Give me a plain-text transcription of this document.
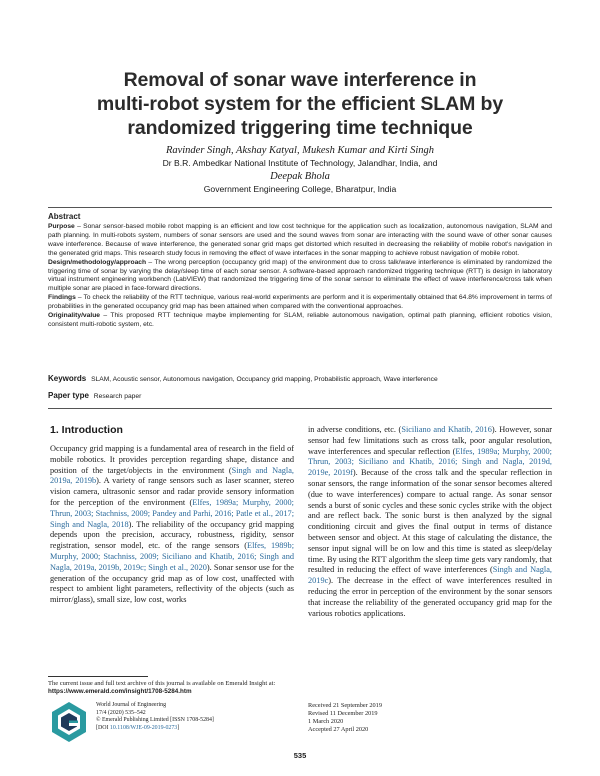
Removal of sonar wave interference in
multi-robot system for the efficient SLAM by
randomized triggering time technique
Ravinder Singh, Akshay Katyal, Mukesh Kumar and Kirti Singh
Dr B.R. Ambedkar National Institute of Technology, Jalandhar, India, and
Deepak Bhola
Government Engineering College, Bharatpur, India
Abstract

Purpose – Sonar sensor-based mobile robot mapping is an efficient and low cost technique for the application such as localization, autonomous navigation, SLAM and path planning. In multi-robots system, numbers of sonar sensors are used and the sound waves from sonar are interacting with the sound wave of other sonar causes wave interference. Because of wave interference, the generated sonar grid maps get distorted which resulted in decreasing the reliability of mobile robot's navigation in the generated grid maps. This research study focus in removing the effect of wave interfaces in the sonar mapping to achieve robust navigation of mobile robot.

Design/methodology/approach – The wrong perception (occupancy grid map) of the environment due to cross talk/wave interference is eliminated by randomized the triggering time of sonar by varying the delay/sleep time of each sonar sensor. A software-based approach randomized triggering technique (RTT) is design in laboratory virtual instrument engineering workbench (LabVIEW) that randomized the triggering time of the sonar sensor to eliminate the effect of wave interference/cross talk when multiple sonar are placed in face-forward directions.

Findings – To check the reliability of the RTT technique, various real-world experiments are perform and it is experimentally obtained that 64.8% improvement in terms of probabilities in the generated occupancy grid map has been attained when compared with the conventional approaches.

Originality/value – This proposed RTT technique maybe implementing for SLAM, reliable autonomous navigation, optimal path planning, efficient robotics vision, consistent multi-robotic system, etc.

Keywords SLAM, Acoustic sensor, Autonomous navigation, Occupancy grid mapping, Probabilistic approach, Wave interference
Paper type Research paper
1. Introduction

Occupancy grid mapping is a fundamental area of research in the field of mobile robotics. It provides perception regarding shape, distance and position of the target/objects in the environment (Singh and Nagla, 2019a, 2019b). A variety of range sensors such as laser scanner, stereo vision camera, ultrasonic sensor and radar provide sensory information for the perception of the environment (Elfes, 1989a; Murphy, 2000; Thrun, 2003; Stachniss, 2009; Pandey and Parhi, 2016; Patle et al., 2017; Singh and Nagla, 2018). The reliability of the occupancy grid mapping depends upon the precision, accuracy, robustness, rigidity, sensor registration, sensor model, etc. of the range sensors (Elfes, 1989b; Murphy, 2000; Stachniss, 2009; Siciliano and Khatib, 2016; Singh and Nagla, 2019a, 2019b, 2019c; Singh et al., 2020). Sonar sensor use for the generation of the occupancy grid map as of low cost, unaffected with respect to ambient light parameters, reflectivity of the objects (such as mirror/glass), small size, low cost, works

in adverse conditions, etc. (Siciliano and Khatib, 2016). However, sonar sensor had few limitations such as cross talk, poor angular resolution, wave interferences and specular reflection (Elfes, 1989a; Murphy, 2000; Thrun, 2003; Siciliano and Khatib, 2016; Singh and Nagla, 2019d, 2019e, 2019f). Because of the cross talk and the specular reflection in sonar sensors, the range information of the sonar sensor becomes altered (due to wave interferences) compare to actual range. As sonar sensor sends a burst of sonic cycles and these sonic cycles strike with the object and are reflect back. The sonic burst is then analyzed by the signal conditioning circuit and gives the final output in terms of distance between sensor and object. At this stage of calculating the distance, the sensor input signal will be on low and this time is stated as sleep/delay time. By using the RTT algorithm the sleep time gets vary randomly, that resulted in reducing the effect of wave interferences (Singh and Nagla, 2019c). The decrease in the effect of wave interferences resulted in reducing the error in perception of the environment by the sonar sensors that increase the reliability of the generated occupancy grid map for the various robotics applications.

The current issue and full text archive of this journal is available on Emerald Insight at: https://www.emerald.com/insight/1708-5284.htm
World Journal of Engineering
17/4 (2020) 535–542
© Emerald Publishing Limited [ISSN 1708-5284]
[DOI 10.1108/WJE-09-2019-0273]
Received 21 September 2019
Revised 11 December 2019
1 March 2020
Accepted 27 April 2020
535
